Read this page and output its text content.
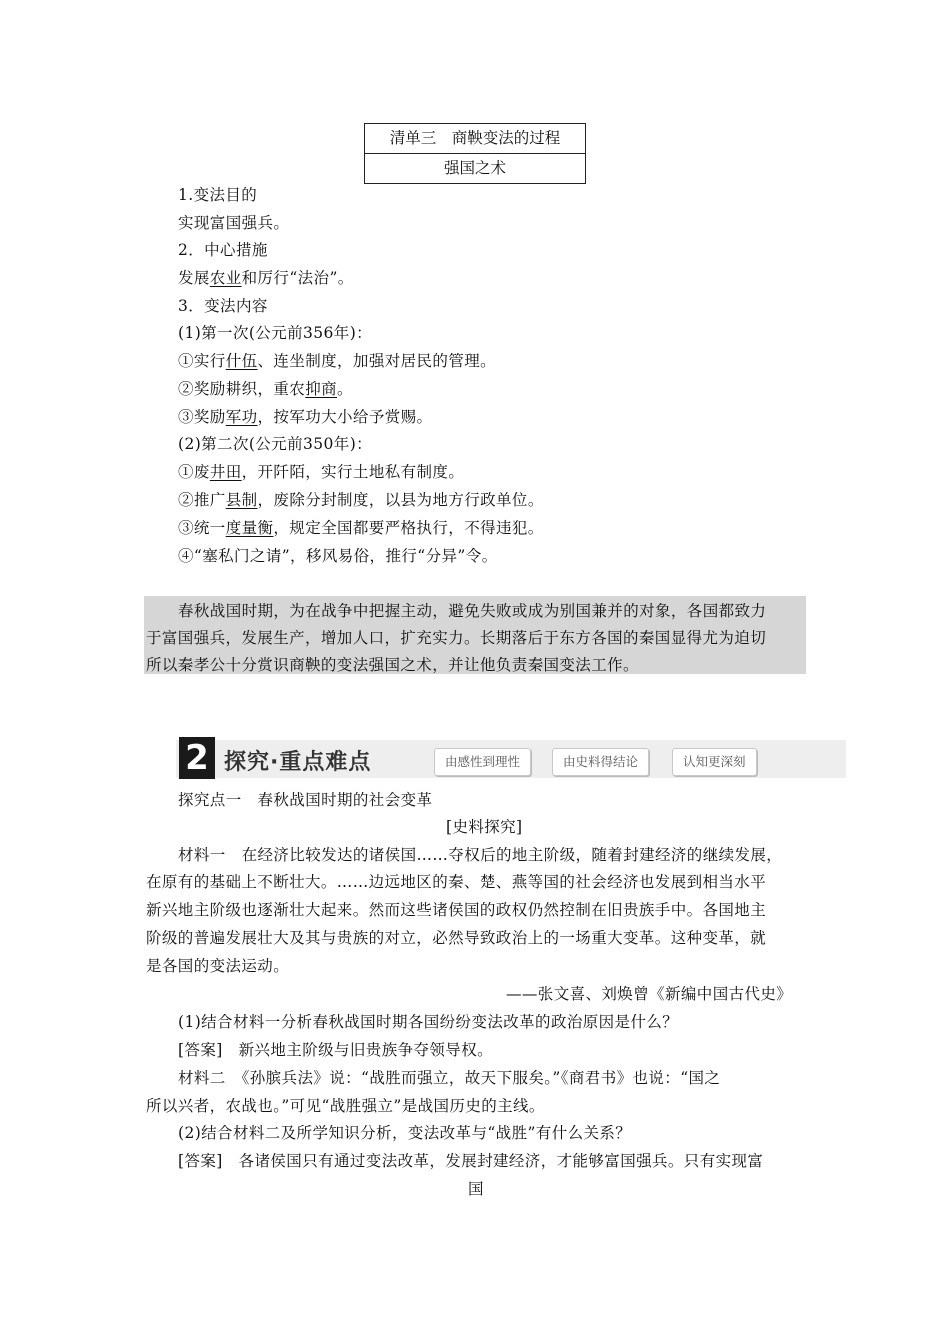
清单三　商鞅变法的过程
强国之术
1.变法目的
实现富国强兵。
2．中心措施
发展农业和厉行“法治”。
3．变法内容
(1)第一次(公元前356年)：
①实行什伍、连坐制度，加强对居民的管理。
②奖励耕织，重农抑商。
③奖励军功，按军功大小给予赏赐。
(2)第二次(公元前350年)：
①废井田，开阡陌，实行土地私有制度。
②推广县制，废除分封制度，以县为地方行政单位。
③统一度量衡，规定全国都要严格执行，不得违犯。
④“塞私门之请”，移风易俗，推行“分异”令。
春秋战国时期，为在战争中把握主动，避免失败或成为别国兼并的对象，各国都致力
于富国强兵，发展生产，增加人口，扩充实力。长期落后于东方各国的秦国显得尤为迫切
所以秦孝公十分赏识商鞅的变法强国之术，并让他负责秦国变法工作。
2 探究·重点难点	由感性到理性	由史料得结论	认知更深刻
探究点一　春秋战国时期的社会变革
[史料探究]
材料一　在经济比较发达的诸侯国……夺权后的地主阶级，随着封建经济的继续发展，
在原有的基础上不断壮大。……边远地区的秦、楚、燕等国的社会经济也发展到相当水平
新兴地主阶级也逐渐壮大起来。然而这些诸侯国的政权仍然控制在旧贵族手中。各国地主
阶级的普遍发展壮大及其与贵族的对立，必然导致政治上的一场重大变革。这种变革，就
是各国的变法运动。
——张文喜、刘焕曾《新编中国古代史》
(1)结合材料一分析春秋战国时期各国纷纷变法改革的政治原因是什么？
[答案]　新兴地主阶级与旧贵族争夺领导权。
材料二　《孙膑兵法》说：“战胜而强立，故天下服矣。”《商君书》也说：“国之
所以兴者，农战也。”可见“战胜强立”是战国历史的主线。
(2)结合材料二及所学知识分析，变法改革与“战胜”有什么关系？
[答案]　各诸侯国只有通过变法改革，发展封建经济，才能够富国强兵。只有实现富
国
